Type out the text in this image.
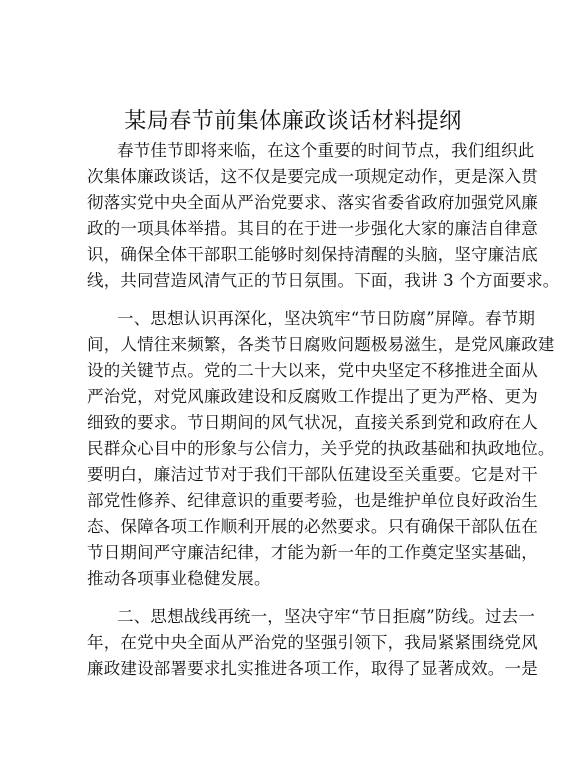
某局春节前集体廉政谈话材料提纲
春节佳节即将来临，在这个重要的时间节点，我们组织此
次集体廉政谈话，这不仅是要完成一项规定动作，更是深入贯
彻落实党中央全面从严治党要求、落实省委省政府加强党风廉
政的一项具体举措。其目的在于进一步强化大家的廉洁自律意
识，确保全体干部职工能够时刻保持清醒的头脑，坚守廉洁底
线，共同营造风清气正的节日氛围。下面，我讲 3 个方面要求。
一、思想认识再深化，坚决筑牢“节日防腐”屏障。春节期
间，人情往来频繁，各类节日腐败问题极易滋生，是党风廉政建
设的关键节点。党的二十大以来，党中央坚定不移推进全面从
严治党，对党风廉政建设和反腐败工作提出了更为严格、更为
细致的要求。节日期间的风气状况，直接关系到党和政府在人
民群众心目中的形象与公信力，关乎党的执政基础和执政地位。
要明白，廉洁过节对于我们干部队伍建设至关重要。它是对干
部党性修养、纪律意识的重要考验，也是维护单位良好政治生
态、保障各项工作顺利开展的必然要求。只有确保干部队伍在
节日期间严守廉洁纪律，才能为新一年的工作奠定坚实基础，
推动各项事业稳健发展。
二、思想战线再统一，坚决守牢“节日拒腐”防线。过去一
年，在党中央全面从严治党的坚强引领下，我局紧紧围绕党风
廉政建设部署要求扎实推进各项工作，取得了显著成效。一是
